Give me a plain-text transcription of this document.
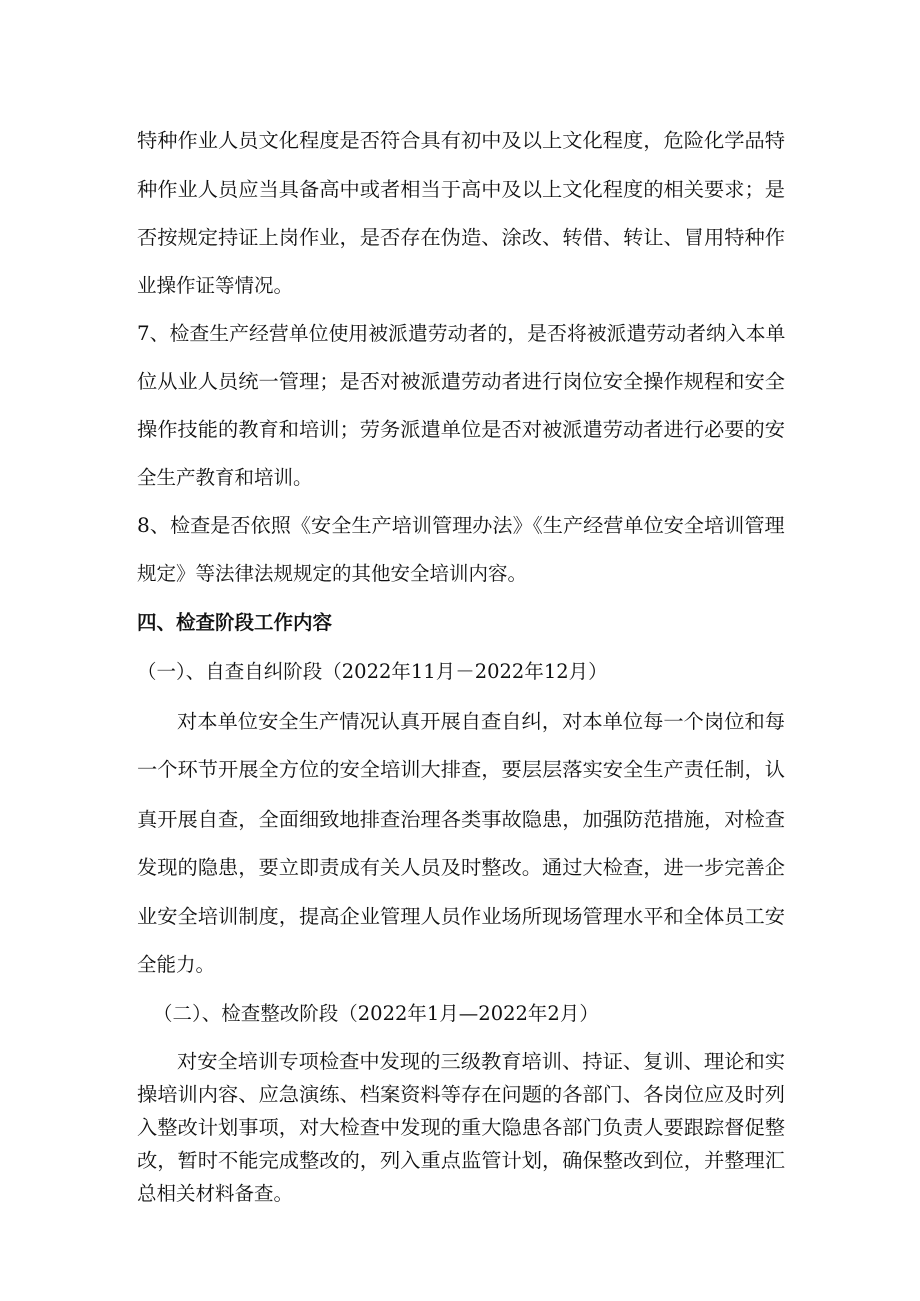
特种作业人员文化程度是否符合具有初中及以上文化程度，危险化学品特
种作业人员应当具备高中或者相当于高中及以上文化程度的相关要求；是
否按规定持证上岗作业，是否存在伪造、涂改、转借、转让、冒用特种作
业操作证等情况。
7、检查生产经营单位使用被派遣劳动者的，是否将被派遣劳动者纳入本单
位从业人员统一管理；是否对被派遣劳动者进行岗位安全操作规程和安全
操作技能的教育和培训；劳务派遣单位是否对被派遣劳动者进行必要的安
全生产教育和培训。
8、检查是否依照《安全生产培训管理办法》《生产经营单位安全培训管理
规定》等法律法规规定的其他安全培训内容。
四、检查阶段工作内容
（一）、自查自纠阶段（2022年11月－2022年12月）
对本单位安全生产情况认真开展自查自纠，对本单位每一个岗位和每
一个环节开展全方位的安全培训大排查，要层层落实安全生产责任制，认
真开展自查，全面细致地排查治理各类事故隐患，加强防范措施，对检查
发现的隐患，要立即责成有关人员及时整改。通过大检查，进一步完善企
业安全培训制度，提高企业管理人员作业场所现场管理水平和全体员工安
全能力。
（二）、检查整改阶段（2022年1月—2022年2月）
对安全培训专项检查中发现的三级教育培训、持证、复训、理论和实
操培训内容、应急演练、档案资料等存在问题的各部门、各岗位应及时列
入整改计划事项，对大检查中发现的重大隐患各部门负责人要跟踪督促整
改，暂时不能完成整改的，列入重点监管计划，确保整改到位，并整理汇
总相关材料备查。
